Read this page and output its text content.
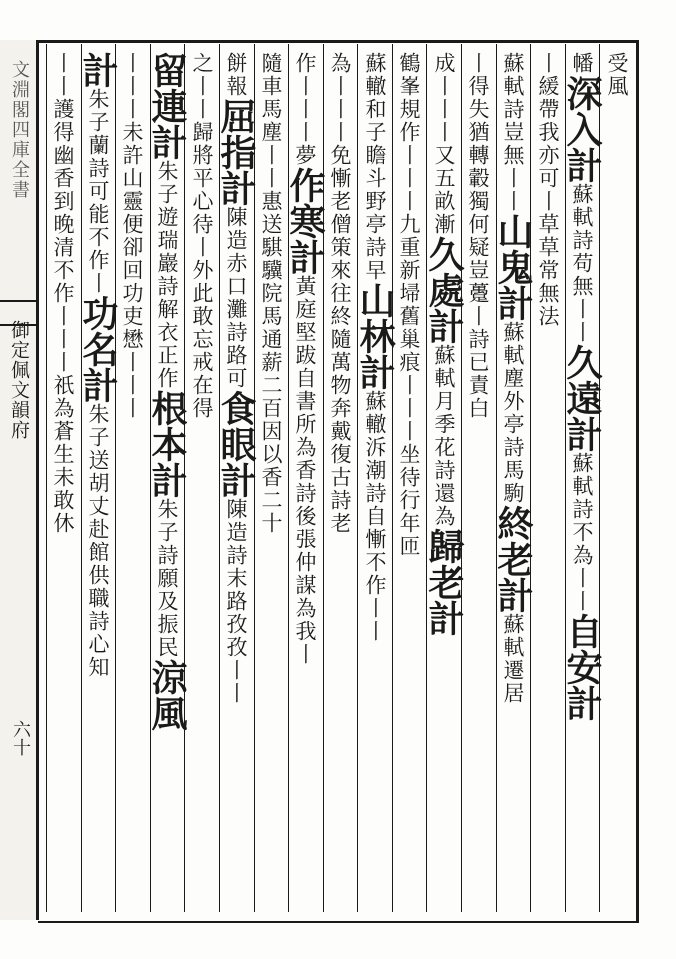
文淵閣四庫全書
御定佩文韻府
六十
受風
幡深入計蘇軾詩苟無丨丨久遠計蘇軾詩不為丨丨自安計
丨緩帶我亦可丨草草常無法
蘇軾詩豈無丨丨山鬼計蘇軾塵外亭詩馬駒終老計蘇軾遷居
丨得失猶轉轂獨何疑豈躉丨詩已責白
成丨丨丨又五畝漸久處計蘇軾月季花詩還為歸老計
鶴峯規作丨丨丨九重新埽舊巢痕丨丨丨坐待行年匝
蘇轍和子瞻斗野亭詩早山林計蘇轍泝潮詩自慚不作丨丨
為丨丨丨免慚老僧策來往終隨萬物奔戴復古詩老
作丨丨丨夢作寒計黃庭堅跋自書所為香詩後張仲謀為我丨
隨車馬塵丨丨惠送騏驥院馬通薪二百因以香二十
餅報屈指計陳造赤口灘詩路可食眼計陳造詩末路孜孜丨丨
之丨丨歸將平心待丨外此敢忘戒在得
留連計朱子遊瑞巖詩解衣正作根本計朱子詩願及振民涼風
丨丨丨未許山靈便卻回功吏懋丨丨丨
計朱子蘭詩可能不作丨功名計朱子送胡丈赴館供職詩心知
丨丨護得幽香到晚清不作丨丨丨祇為蒼生未敢休
